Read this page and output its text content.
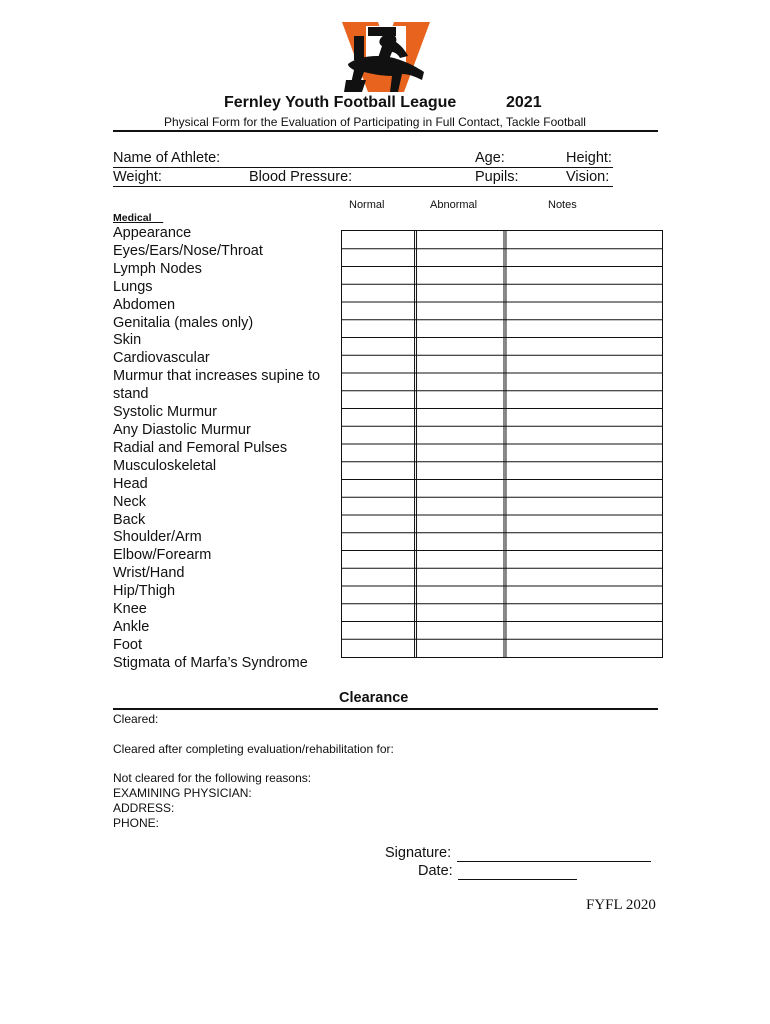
Fernley Youth Football League	2021
Physical Form for the Evaluation of Participating in Full Contact, Tackle Football
Name of Athlete:	Age:	Height:
Weight:	Blood Pressure:	Pupils:	Vision:
Normal	Abnormal	Notes
Medical
Appearance
Eyes/Ears/Nose/Throat
Lymph Nodes
Lungs
Abdomen
Genitalia (males only)
Skin
Cardiovascular
Murmur that increases supine to
stand
Systolic Murmur
Any Diastolic Murmur
Radial and Femoral Pulses
Musculoskeletal
Head
Neck
Back
Shoulder/Arm
Elbow/Forearm
Wrist/Hand
Hip/Thigh
Knee
Ankle
Foot
Stigmata of Marfa’s Syndrome
Clearance
Cleared:
Cleared after completing evaluation/rehabilitation for:
Not cleared for the following reasons:
EXAMINING PHYSICIAN:
ADDRESS:
PHONE:
Signature:
Date:
FYFL 2020
